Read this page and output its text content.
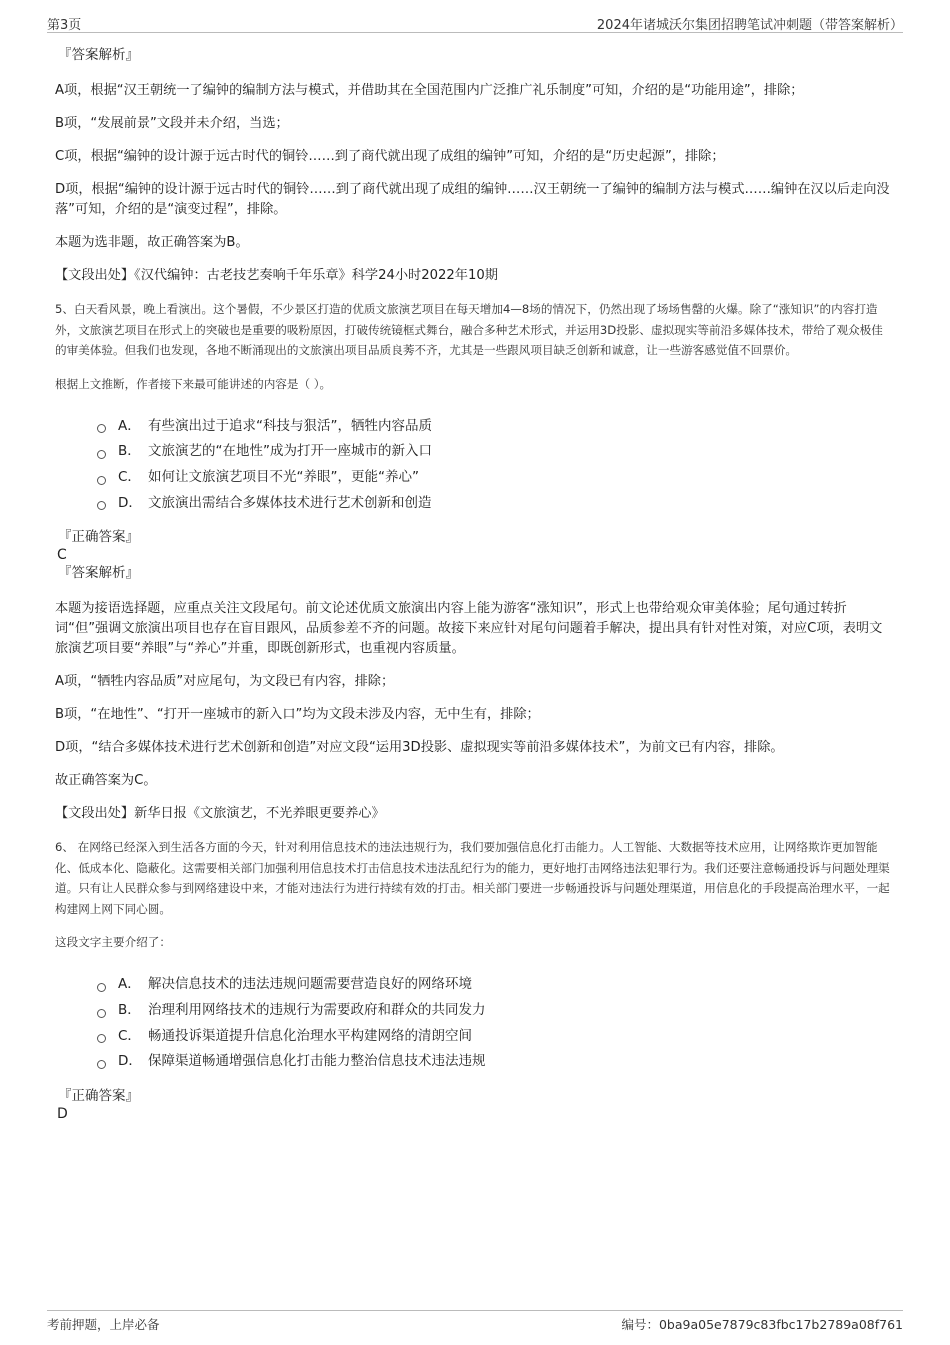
第3页	2024年诸城沃尔集团招聘笔试冲刺题（带答案解析）

『答案解析』

A项，根据“汉王朝统一了编钟的编制方法与模式，并借助其在全国范围内广泛推广礼乐制度”可知，介绍的是“功能用途”，排除；

B项，“发展前景”文段并未介绍，当选；

C项，根据“编钟的设计源于远古时代的铜铃……到了商代就出现了成组的编钟”可知，介绍的是“历史起源”，排除；

D项，根据“编钟的设计源于远古时代的铜铃……到了商代就出现了成组的编钟……汉王朝统一了编钟的编制方法与模式……编钟在汉以后走向没落”可知，介绍的是“演变过程”，排除。

本题为选非题，故正确答案为B。

【文段出处】《汉代编钟：古老技艺奏响千年乐章》科学24小时2022年10期

5、白天看风景，晚上看演出。这个暑假，不少景区打造的优质文旅演艺项目在每天增加4—8场的情况下，仍然出现了场场售罄的火爆。除了“涨知识”的内容打造外，文旅演艺项目在形式上的突破也是重要的吸粉原因，打破传统镜框式舞台，融合多种艺术形式，并运用3D投影、虚拟现实等前沿多媒体技术，带给了观众极佳的审美体验。但我们也发现，各地不断涌现出的文旅演出项目品质良莠不齐，尤其是一些跟风项目缺乏创新和诚意，让一些游客感觉值不回票价。

根据上文推断，作者接下来最可能讲述的内容是（ ）。

A． 有些演出过于追求“科技与狠活”，牺牲内容品质
B． 文旅演艺的“在地性”成为打开一座城市的新入口
C． 如何让文旅演艺项目不光“养眼”，更能“养心”
D． 文旅演出需结合多媒体技术进行艺术创新和创造

『正确答案』

C

『答案解析』

本题为接语选择题，应重点关注文段尾句。前文论述优质文旅演出内容上能为游客“涨知识”，形式上也带给观众审美体验；尾句通过转折词“但”强调文旅演出项目也存在盲目跟风，品质参差不齐的问题。故接下来应针对尾句问题着手解决，提出具有针对性对策，对应C项，表明文旅演艺项目要“养眼”与“养心”并重，即既创新形式，也重视内容质量。

A项，“牺牲内容品质”对应尾句，为文段已有内容，排除；

B项，“在地性”、“打开一座城市的新入口”均为文段未涉及内容，无中生有，排除；

D项，“结合多媒体技术进行艺术创新和创造”对应文段“运用3D投影、虚拟现实等前沿多媒体技术”，为前文已有内容，排除。

故正确答案为C。

【文段出处】新华日报《文旅演艺，不光养眼更要养心》

6、 在网络已经深入到生活各方面的今天，针对利用信息技术的违法违规行为，我们要加强信息化打击能力。人工智能、大数据等技术应用，让网络欺诈更加智能化、低成本化、隐蔽化。这需要相关部门加强利用信息技术打击信息技术违法乱纪行为的能力，更好地打击网络违法犯罪行为。我们还要注意畅通投诉与问题处理渠道。只有让人民群众参与到网络建设中来，才能对违法行为进行持续有效的打击。相关部门要进一步畅通投诉与问题处理渠道，用信息化的手段提高治理水平，一起构建网上网下同心圆。

这段文字主要介绍了：

A． 解决信息技术的违法违规问题需要营造良好的网络环境
B． 治理利用网络技术的违规行为需要政府和群众的共同发力
C． 畅通投诉渠道提升信息化治理水平构建网络的清朗空间
D． 保障渠道畅通增强信息化打击能力整治信息技术违法违规

『正确答案』

D

考前押题，上岸必备	编号：0ba9a05e7879c83fbc17b2789a08f761
